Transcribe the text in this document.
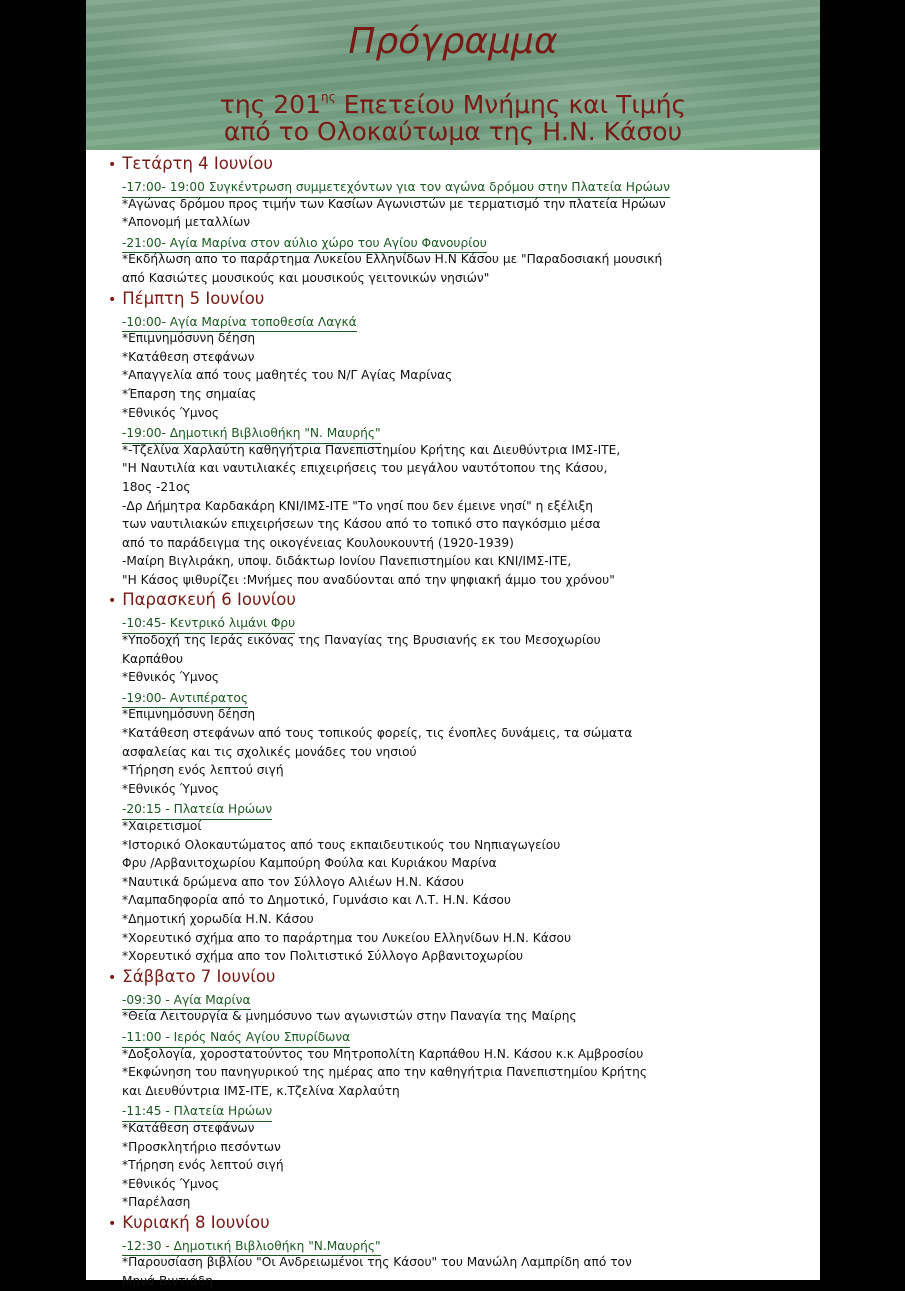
Πρόγραμμα
της $201^{\eta\varsigma}$ Επετείου Μνήμης και Τιμής
από το Ολοκαύτωμα της Η.Ν. Κάσου
• Τετάρτη 4 Ιουνίου
-17:00- 19:00 Συγκέντρωση συμμετεχόντων για τον αγώνα δρόμου στην Πλατεία Ηρώων
*Αγώνας δρόμου προς τιμήν των Κασίων Αγωνιστών με τερματισμό την πλατεία Ηρώων
*Απονομή μεταλλίων
-21:00- Αγία Μαρίνα στον αύλιο χώρο του Αγίου Φανουρίου
*Εκδήλωση απο το παράρτημα Λυκείου Ελληνίδων Η.Ν Κάσου με "Παραδοσιακή μουσική
από Κασιώτες μουσικούς και μουσικούς γειτονικών νησιών"
• Πέμπτη 5 Ιουνίου
-10:00- Αγία Μαρίνα τοποθεσία Λαγκά
*Επιμνημόσυνη δέηση
*Κατάθεση στεφάνων
*Απαγγελία από τους μαθητές του Ν/Γ Αγίας Μαρίνας
*Έπαρση της σημαίας
*Εθνικός Ύμνος
-19:00- Δημοτική Βιβλιοθήκη "Ν. Μαυρής"
*-Τζελίνα Χαρλαύτη καθηγήτρια Πανεπιστημίου Κρήτης και Διευθύντρια ΙΜΣ-ΙΤΕ,
"Η Ναυτιλία και ναυτιλιακές επιχειρήσεις του μεγάλου ναυτότοπου της Κάσου,
18ος -21ος
-Δρ Δήμητρα Καρδακάρη ΚΝΙ/ΙΜΣ-ΙΤΕ "Το νησί που δεν έμεινε νησί" η εξέλιξη
των ναυτιλιακών επιχειρήσεων της Κάσου από το τοπικό στο παγκόσμιο μέσα
από το παράδειγμα της οικογένειας Κουλουκουντή (1920-1939)
-Μαίρη Βιγλιράκη, υποψ. διδάκτωρ Ιονίου Πανεπιστημίου και ΚΝΙ/ΙΜΣ-ΙΤΕ,
"Η Κάσος ψιθυρίζει :Μνήμες που αναδύονται από την ψηφιακή άμμο του χρόνου"
• Παρασκευή 6 Ιουνίου
-10:45- Κεντρικό λιμάνι Φρυ
*Υποδοχή της Ιεράς εικόνας της Παναγίας της Βρυσιανής εκ του Μεσοχωρίου
Καρπάθου
*Εθνικός Ύμνος
-19:00- Αντιπέρατος
*Επιμνημόσυνη δέηση
*Κατάθεση στεφάνων από τους τοπικούς φορείς, τις ένοπλες δυνάμεις, τα σώματα
ασφαλείας και τις σχολικές μονάδες του νησιού
*Τήρηση ενός λεπτού σιγή
*Εθνικός Ύμνος
-20:15 - Πλατεία Ηρώων
*Χαιρετισμοί
*Ιστορικό Ολοκαυτώματος από τους εκπαιδευτικούς του Νηπιαγωγείου
Φρυ /Αρβανιτοχωρίου Καμπούρη Φούλα και Κυριάκου Μαρίνα
*Ναυτικά δρώμενα απο τον Σύλλογο Αλιέων Η.Ν. Κάσου
*Λαμπαδηφορία από το Δημοτικό, Γυμνάσιο και Λ.Τ. Η.Ν. Κάσου
*Δημοτική χορωδία Η.Ν. Κάσου
*Χορευτικό σχήμα απο το παράρτημα του Λυκείου Ελληνίδων Η.Ν. Κάσου
*Χορευτικό σχήμα απο τον Πολιτιστικό Σύλλογο Αρβανιτοχωρίου
• Σάββατο 7 Ιουνίου
-09:30 - Αγία Μαρίνα
*Θεία Λειτουργία & μνημόσυνο των αγωνιστών στην Παναγία της Μαίρης
-11:00 - Ιερός Ναός Αγίου Σπυρίδωνα
*Δοξολογία, χοροστατούντος του Μητροπολίτη Καρπάθου Η.Ν. Κάσου κ.κ Αμβροσίου
*Εκφώνηση του πανηγυρικού της ημέρας απο την καθηγήτρια Πανεπιστημίου Κρήτης
και Διευθύντρια ΙΜΣ-ΙΤΕ, κ.Τζελίνα Χαρλαύτη
-11:45 - Πλατεία Ηρώων
*Κατάθεση στεφάνων
*Προσκλητήριο πεσόντων
*Τήρηση ενός λεπτού σιγή
*Εθνικός Ύμνος
*Παρέλαση
• Κυριακή 8 Ιουνίου
-12:30 - Δημοτική Βιβλιοθήκη "Ν.Μαυρής"
*Παρουσίαση βιβλίου "Οι Ανδρειωμένοι της Κάσου" του Μανώλη Λαμπρίδη από τον
Μηνά Βιντιάδη
